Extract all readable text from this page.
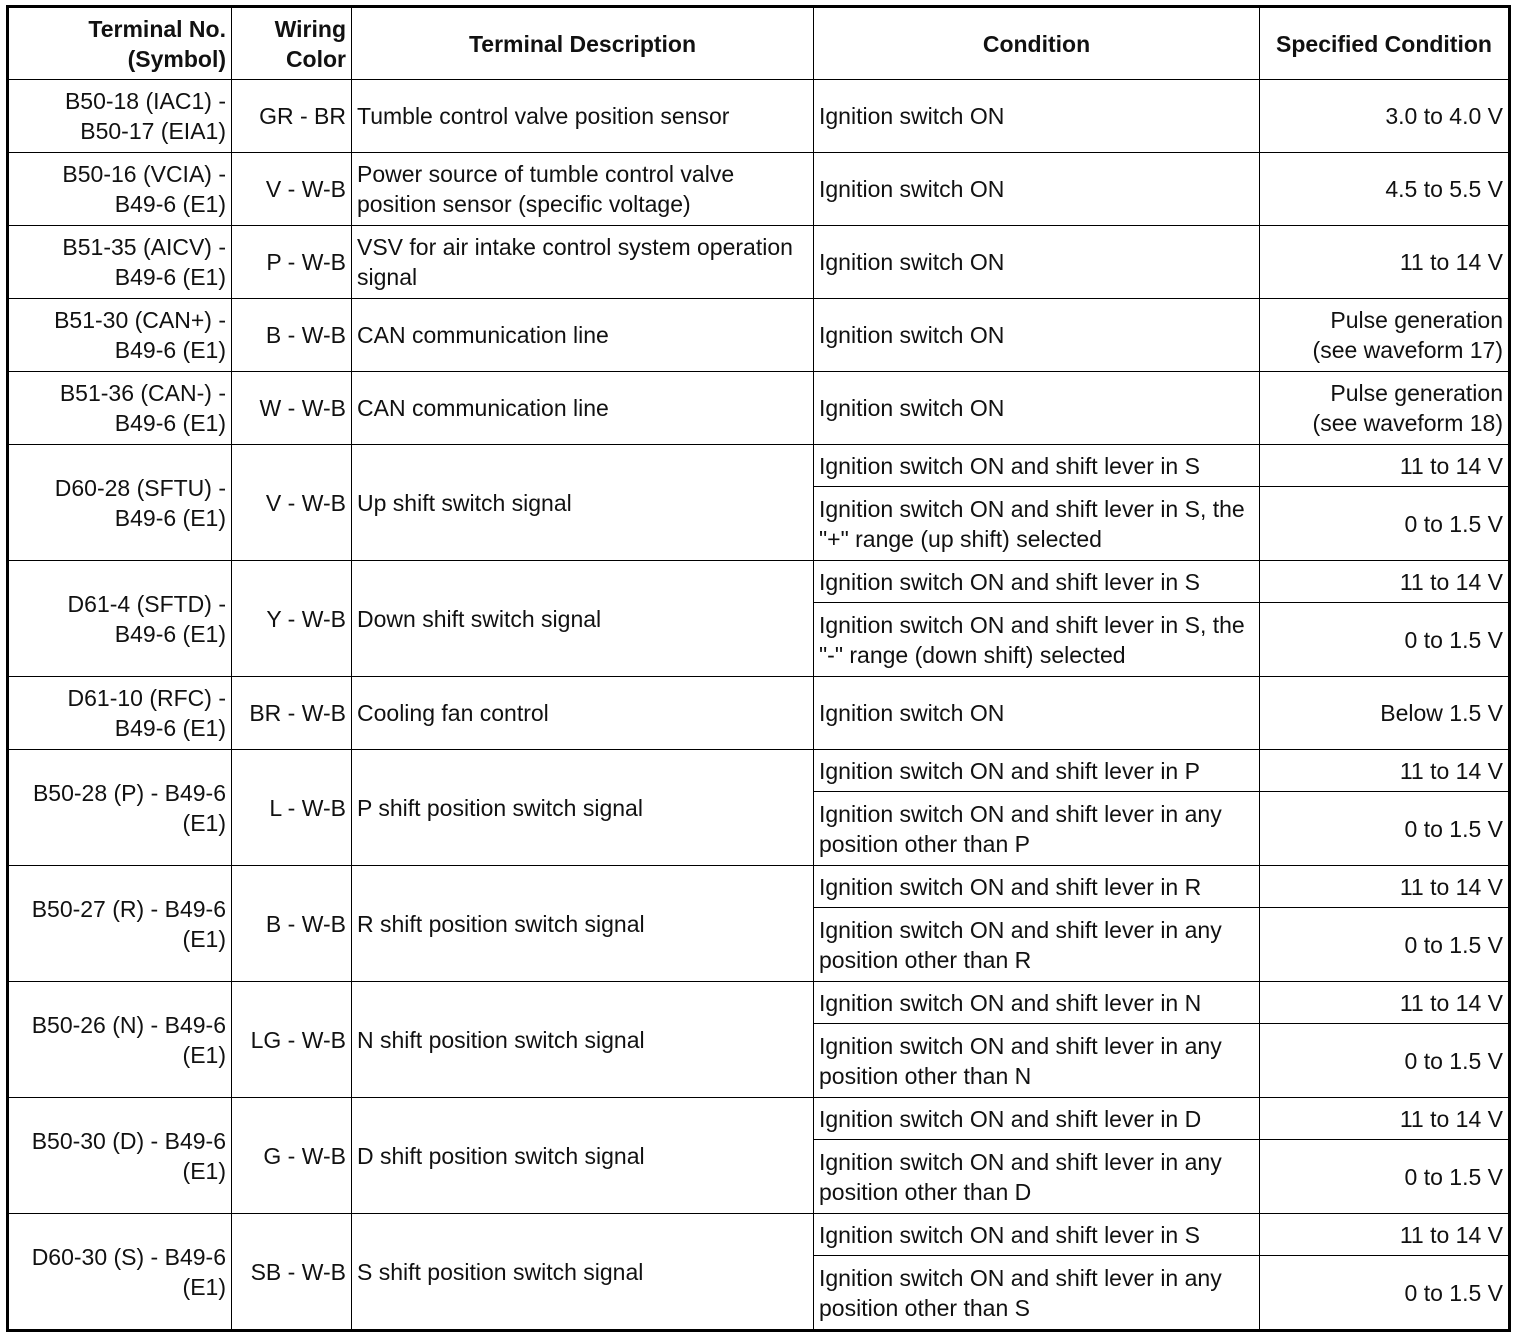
Terminal No. (Symbol)	Wiring Color	Terminal Description	Condition	Specified Condition
B50-18 (IAC1) - B50-17 (EIA1)	GR - BR	Tumble control valve position sensor	Ignition switch ON	3.0 to 4.0 V
B50-16 (VCIA) - B49-6 (E1)	V - W-B	Power source of tumble control valve position sensor (specific voltage)	Ignition switch ON	4.5 to 5.5 V
B51-35 (AICV) - B49-6 (E1)	P - W-B	VSV for air intake control system operation signal	Ignition switch ON	11 to 14 V
B51-30 (CAN+) - B49-6 (E1)	B - W-B	CAN communication line	Ignition switch ON	Pulse generation
(see waveform 17)
B51-36 (CAN-) - B49-6 (E1)	W - W-B	CAN communication line	Ignition switch ON	Pulse generation
(see waveform 18)
D60-28 (SFTU) - B49-6 (E1)	V - W-B	Up shift switch signal	Ignition switch ON and shift lever in S	11 to 14 V
			Ignition switch ON and shift lever in S, the "+" range (up shift) selected	0 to 1.5 V
D61-4 (SFTD) - B49-6 (E1)	Y - W-B	Down shift switch signal	Ignition switch ON and shift lever in S	11 to 14 V
			Ignition switch ON and shift lever in S, the "-" range (down shift) selected	0 to 1.5 V
D61-10 (RFC) - B49-6 (E1)	BR - W-B	Cooling fan control	Ignition switch ON	Below 1.5 V
B50-28 (P) - B49-6 (E1)	L - W-B	P shift position switch signal	Ignition switch ON and shift lever in P	11 to 14 V
			Ignition switch ON and shift lever in any position other than P	0 to 1.5 V
B50-27 (R) - B49-6 (E1)	B - W-B	R shift position switch signal	Ignition switch ON and shift lever in R	11 to 14 V
			Ignition switch ON and shift lever in any position other than R	0 to 1.5 V
B50-26 (N) - B49-6 (E1)	LG - W-B	N shift position switch signal	Ignition switch ON and shift lever in N	11 to 14 V
			Ignition switch ON and shift lever in any position other than N	0 to 1.5 V
B50-30 (D) - B49-6 (E1)	G - W-B	D shift position switch signal	Ignition switch ON and shift lever in D	11 to 14 V
			Ignition switch ON and shift lever in any position other than D	0 to 1.5 V
D60-30 (S) - B49-6 (E1)	SB - W-B	S shift position switch signal	Ignition switch ON and shift lever in S	11 to 14 V
			Ignition switch ON and shift lever in any position other than S	0 to 1.5 V
